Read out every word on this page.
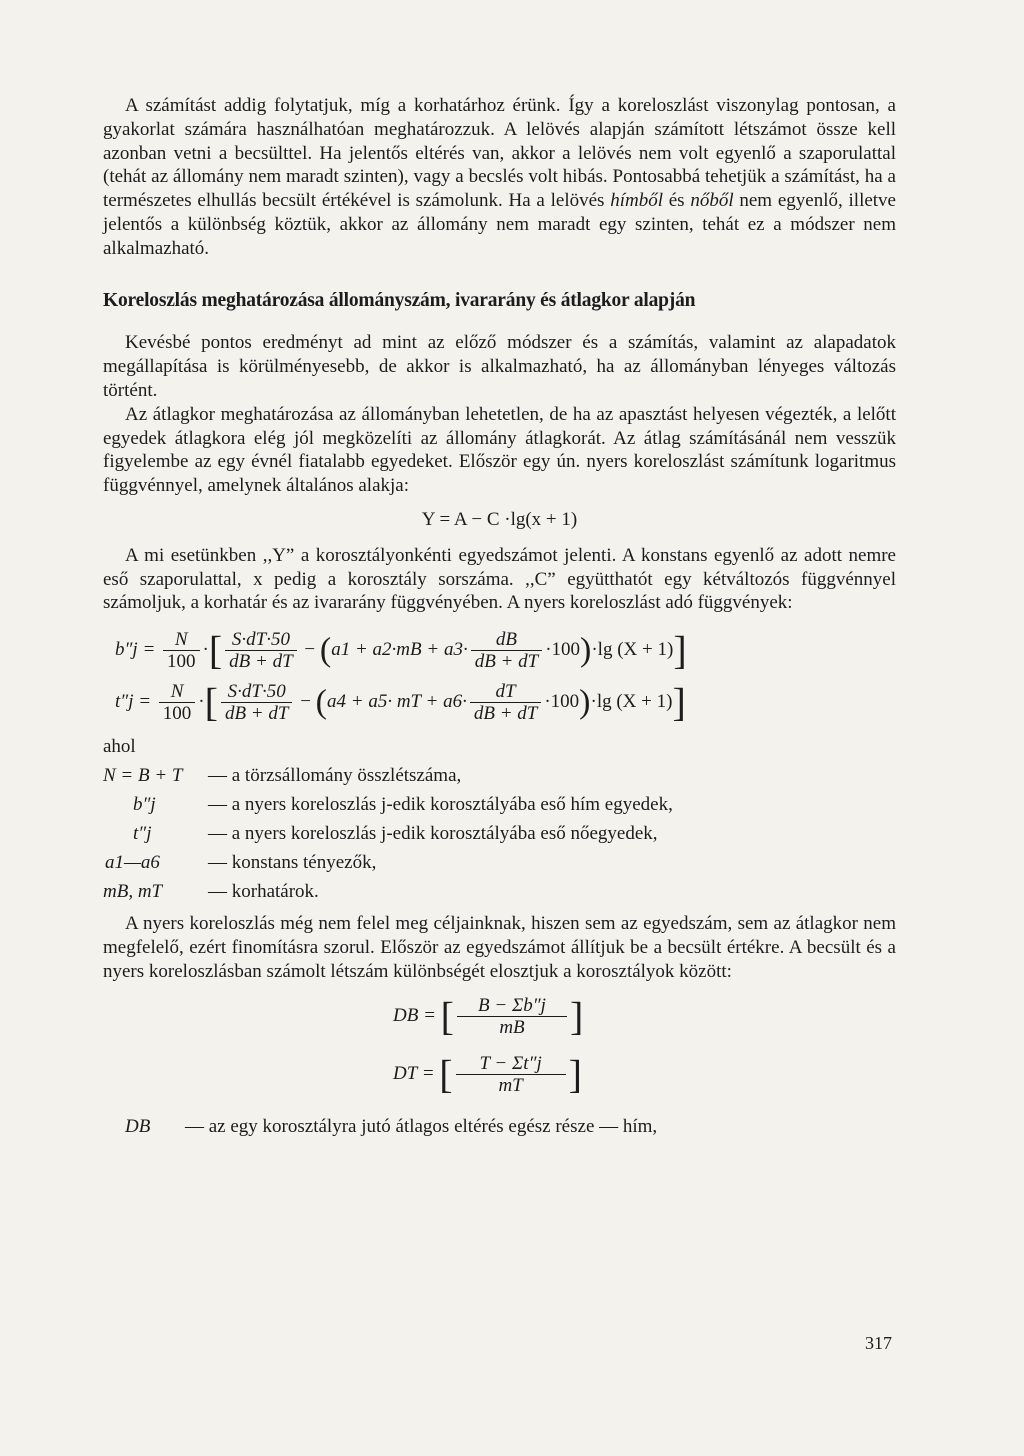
A számítást addig folytatjuk, míg a korhatárhoz érünk. Így a koreloszlást viszonylag pontosan, a gyakorlat számára használhatóan meghatározzuk. A lelövés alapján számított létszámot össze kell azonban vetni a becsülttel. Ha jelentős eltérés van, akkor a lelövés nem volt egyenlő a szaporulattal (tehát az állomány nem maradt szinten), vagy a becslés volt hibás. Pontosabbá tehetjük a számítást, ha a természetes elhullás becsült értékével is számolunk. Ha a lelövés hímből és nőből nem egyenlő, illetve jelentős a különbség köztük, akkor az állomány nem maradt egy szinten, tehát ez a módszer nem alkalmazható.

Koreloszlás meghatározása állományszám, ivararány és átlagkor alapján

Kevésbé pontos eredményt ad mint az előző módszer és a számítás, valamint az alapadatok megállapítása is körülményesebb, de akkor is alkalmazható, ha az állományban lényeges változás történt.

Az átlagkor meghatározása az állományban lehetetlen, de ha az apasztást helyesen végezték, a lelőtt egyedek átlagkora elég jól megközelíti az állomány átlagkorát. Az átlag számításánál nem vesszük figyelembe az egy évnél fiatalabb egyedeket. Először egy ún. nyers koreloszlást számítunk logaritmus függvénnyel, amelynek általános alakja:

Y = A − C ·lg(x + 1)

A mi esetünkben ,,Y” a korosztályonkénti egyedszámot jelenti. A konstans egyenlő az adott nemre eső szaporulattal, x pedig a korosztály sorszáma. ,,C” együtthatót egy kétváltozós függvénnyel számoljuk, a korhatár és az ivararány függvényében. A nyers koreloszlást adó függvények:

$b''j = \frac{N}{100}$ ·[ $\frac{S\cdot dT\cdot 50}{dB + dT} - (a1 + a2\cdot mB + a3\cdot \frac{dB}{dB + dT} \cdot 100)\cdot\lg$ (X + 1)]
$t''j = \frac{N}{100}$ ·[ $\frac{S\cdot dT\cdot 50}{dB + dT} - (a4 + a5\cdot$ mT + $a6\cdot \frac{dT}{dB + dT} \cdot 100)\cdot\lg$ (X + 1)]

ahol

N = B + T	— a törzsállomány összlétszáma,
b″j	— a nyers koreloszlás j-edik korosztályába eső hím egyedek,
t″j	— a nyers koreloszlás j-edik korosztályába eső nőegyedek,
a1—a6	— konstans tényezők,
mB, mT	— korhatárok.

A nyers koreloszlás még nem felel meg céljainknak, hiszen sem az egyedszám, sem az átlagkor nem megfelelő, ezért finomításra szorul. Először az egyedszámot állítjuk be a becsült értékre. A becsült és a nyers koreloszlásban számolt létszám különbségét elosztjuk a korosztályok között:

DB = [ $\frac{B - \Sigma b''j}{mB}$ ]
DT = [ $\frac{T - \Sigma t''j}{mT}$ ]
DB	— az egy korosztályra jutó átlagos eltérés egész része — hím,
317
